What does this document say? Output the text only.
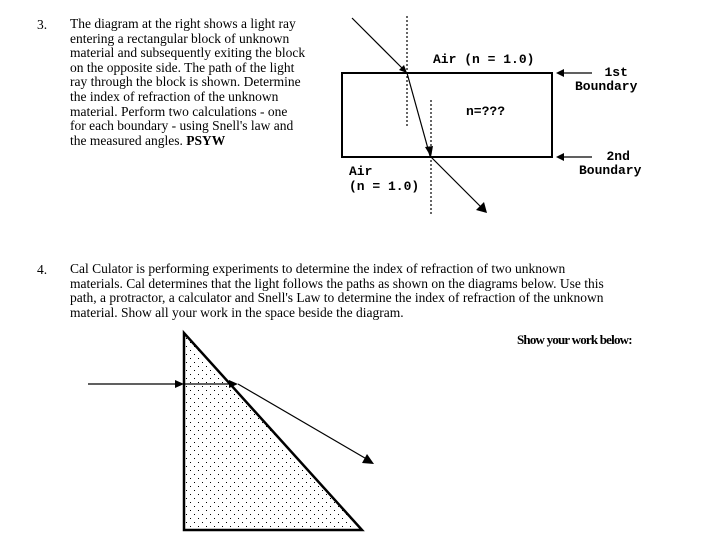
3. The diagram at the right shows a light ray
entering a rectangular block of unknown
material and subsequently exiting the block
on the opposite side. The path of the light
ray through the block is shown. Determine
the index of refraction of the unknown
material. Perform two calculations - one
for each boundary - using Snell's law and
the measured angles. PSYW
Air (n = 1.0)
n=???
1st
Boundary
2nd
Boundary
Air
(n = 1.0)
4. Cal Culator is performing experiments to determine the index of refraction of two unknown
materials. Cal determines that the light follows the paths as shown on the diagrams below. Use this
path, a protractor, a calculator and Snell's Law to determine the index of refraction of the unknown
material. Show all your work in the space beside the diagram.
Show your work below:
